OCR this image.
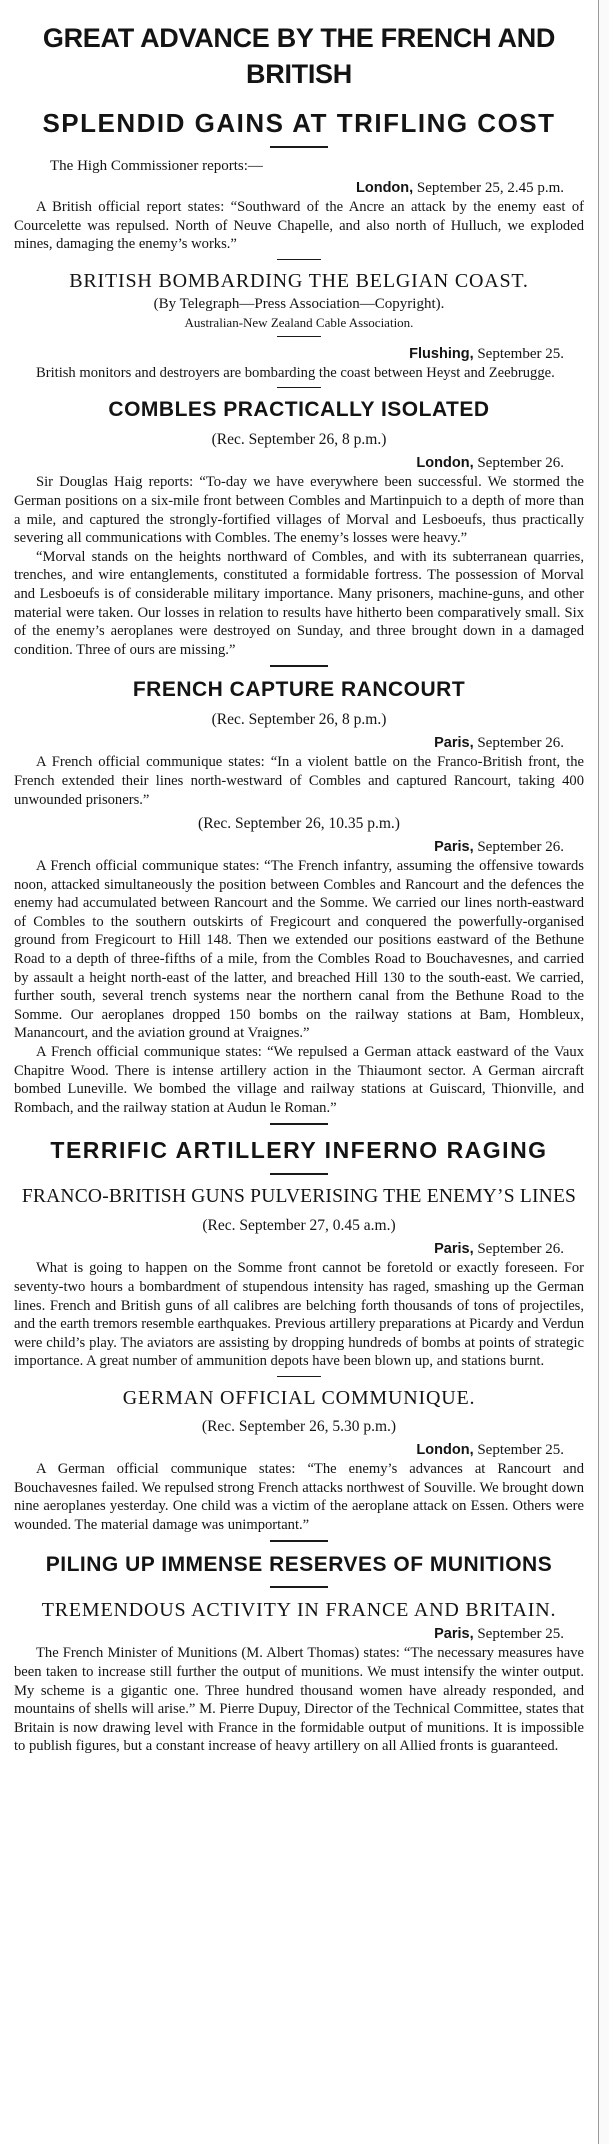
GREAT ADVANCE BY THE FRENCH AND BRITISH
SPLENDID GAINS AT TRIFLING COST

The High Commissioner reports:—

London, September 25, 2.45 p.m.

A British official report states: “Southward of the Ancre an attack by the enemy east of Courcelette was repulsed. North of Neuve Chapelle, and also north of Hulluch, we exploded mines, damaging the enemy’s works.”

BRITISH BOMBARDING THE BELGIAN COAST.

(By Telegraph—Press Association—Copyright).

Australian-New Zealand Cable Association.

Flushing, September 25.

British monitors and destroyers are bombarding the coast between Heyst and Zeebrugge.

COMBLES PRACTICALLY ISOLATED

(Rec. September 26, 8 p.m.)

London, September 26.

Sir Douglas Haig reports: “To-day we have everywhere been successful. We stormed the German positions on a six-mile front between Combles and Martinpuich to a depth of more than a mile, and captured the strongly-fortified villages of Morval and Lesboeufs, thus practically severing all communications with Combles. The enemy’s losses were heavy.”

“Morval stands on the heights northward of Combles, and with its subterranean quarries, trenches, and wire entanglements, constituted a formidable fortress. The possession of Morval and Lesboeufs is of considerable military importance. Many prisoners, machine-guns, and other material were taken. Our losses in relation to results have hitherto been comparatively small. Six of the enemy’s aeroplanes were destroyed on Sunday, and three brought down in a damaged condition. Three of ours are missing.”

FRENCH CAPTURE RANCOURT

(Rec. September 26, 8 p.m.)

Paris, September 26.

A French official communique states: “In a violent battle on the Franco-British front, the French extended their lines north-westward of Combles and captured Rancourt, taking 400 unwounded prisoners.”

(Rec. September 26, 10.35 p.m.)

Paris, September 26.

A French official communique states: “The French infantry, assuming the offensive towards noon, attacked simultaneously the position between Combles and Rancourt and the defences the enemy had accumulated between Rancourt and the Somme. We carried our lines north-eastward of Combles to the southern outskirts of Fregicourt and conquered the powerfully-organised ground from Fregicourt to Hill 148. Then we extended our positions eastward of the Bethune Road to a depth of three-fifths of a mile, from the Combles Road to Bouchavesnes, and carried by assault a height north-east of the latter, and breached Hill 130 to the south-east. We carried, further south, several trench systems near the northern canal from the Bethune Road to the Somme. Our aeroplanes dropped 150 bombs on the railway stations at Bam, Hombleux, Manancourt, and the aviation ground at Vraignes.”

A French official communique states: “We repulsed a German attack eastward of the Vaux Chapitre Wood. There is intense artillery action in the Thiaumont sector. A German aircraft bombed Luneville. We bombed the village and railway stations at Guiscard, Thionville, and Rombach, and the railway station at Audun le Roman.”

TERRIFIC ARTILLERY INFERNO RAGING
FRANCO-BRITISH GUNS PULVERISING THE ENEMY’S LINES

(Rec. September 27, 0.45 a.m.)

Paris, September 26.

What is going to happen on the Somme front cannot be foretold or exactly foreseen. For seventy-two hours a bombardment of stupendous intensity has raged, smashing up the German lines. French and British guns of all calibres are belching forth thousands of tons of projectiles, and the earth tremors resemble earthquakes. Previous artillery preparations at Picardy and Verdun were child’s play. The aviators are assisting by dropping hundreds of bombs at points of strategic importance. A great number of ammunition depots have been blown up, and stations burnt.

GERMAN OFFICIAL COMMUNIQUE.

(Rec. September 26, 5.30 p.m.)

London, September 25.

A German official communique states: “The enemy’s advances at Rancourt and Bouchavesnes failed. We repulsed strong French attacks northwest of Souville. We brought down nine aeroplanes yesterday. One child was a victim of the aeroplane attack on Essen. Others were wounded. The material damage was unimportant.”

PILING UP IMMENSE RESERVES OF MUNITIONS
TREMENDOUS ACTIVITY IN FRANCE AND BRITAIN.

Paris, September 25.

The French Minister of Munitions (M. Albert Thomas) states: “The necessary measures have been taken to increase still further the output of munitions. We must intensify the winter output. My scheme is a gigantic one. Three hundred thousand women have already responded, and mountains of shells will arise.” M. Pierre Dupuy, Director of the Technical Committee, states that Britain is now drawing level with France in the formidable output of munitions. It is impossible to publish figures, but a constant increase of heavy artillery on all Allied fronts is guaranteed.
